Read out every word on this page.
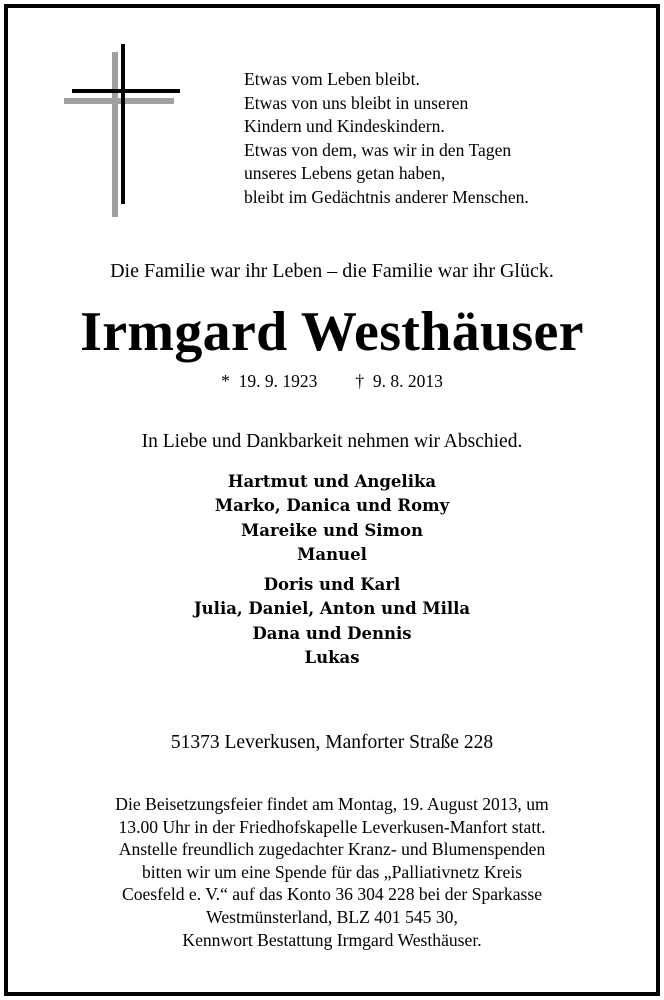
Etwas vom Leben bleibt.
Etwas von uns bleibt in unseren
Kindern und Kindeskindern.
Etwas von dem, was wir in den Tagen
unseres Lebens getan haben,
bleibt im Gedächtnis anderer Menschen.
Die Familie war ihr Leben – die Familie war ihr Glück.
Irmgard Westhäuser
* 19. 9. 1923 † 9. 8. 2013
In Liebe und Dankbarkeit nehmen wir Abschied.
Hartmut und Angelika
Marko, Danica und Romy
Mareike und Simon
Manuel
Doris und Karl
Julia, Daniel, Anton und Milla
Dana und Dennis
Lukas
51373 Leverkusen, Manforter Straße 228
Die Beisetzungsfeier findet am Montag, 19. August 2013, um
13.00 Uhr in der Friedhofskapelle Leverkusen-Manfort statt.
Anstelle freundlich zugedachter Kranz- und Blumenspenden
bitten wir um eine Spende für das „Palliativnetz Kreis
Coesfeld e. V.“ auf das Konto 36 304 228 bei der Sparkasse
Westmünsterland, BLZ 401 545 30,
Kennwort Bestattung Irmgard Westhäuser.
